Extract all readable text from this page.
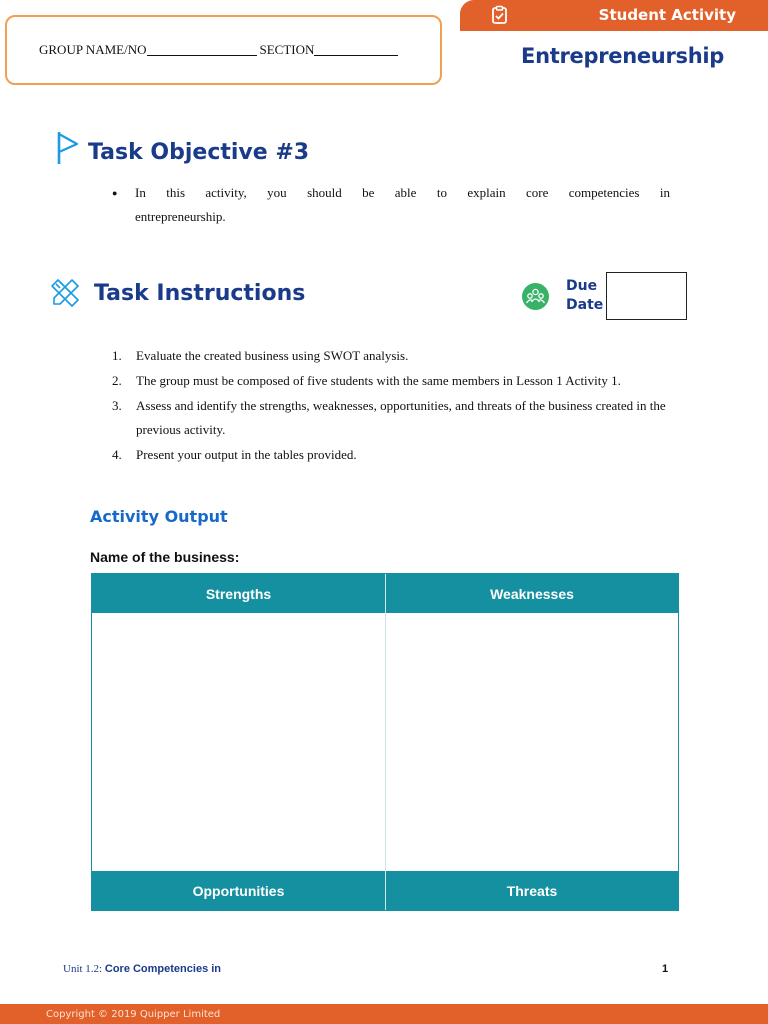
GROUP NAME/NO	SECTION
Student Activity
Entrepreneurship
Task Objective #3
● In this activity, you should be able to explain core competencies in
entrepreneurship.
Task Instructions	Due
Date
1. Evaluate the created business using SWOT analysis.
2. The group must be composed of five students with the same members in Lesson 1 Activity 1.
3. Assess and identify the strengths, weaknesses, opportunities, and threats of the business created in the previous activity.
4. Present your output in the tables provided.
Activity Output
Name of the business:
Strengths	Weaknesses
Opportunities	Threats
Unit 1.2: Core Competencies in	1
Copyright © 2019 Quipper Limited
